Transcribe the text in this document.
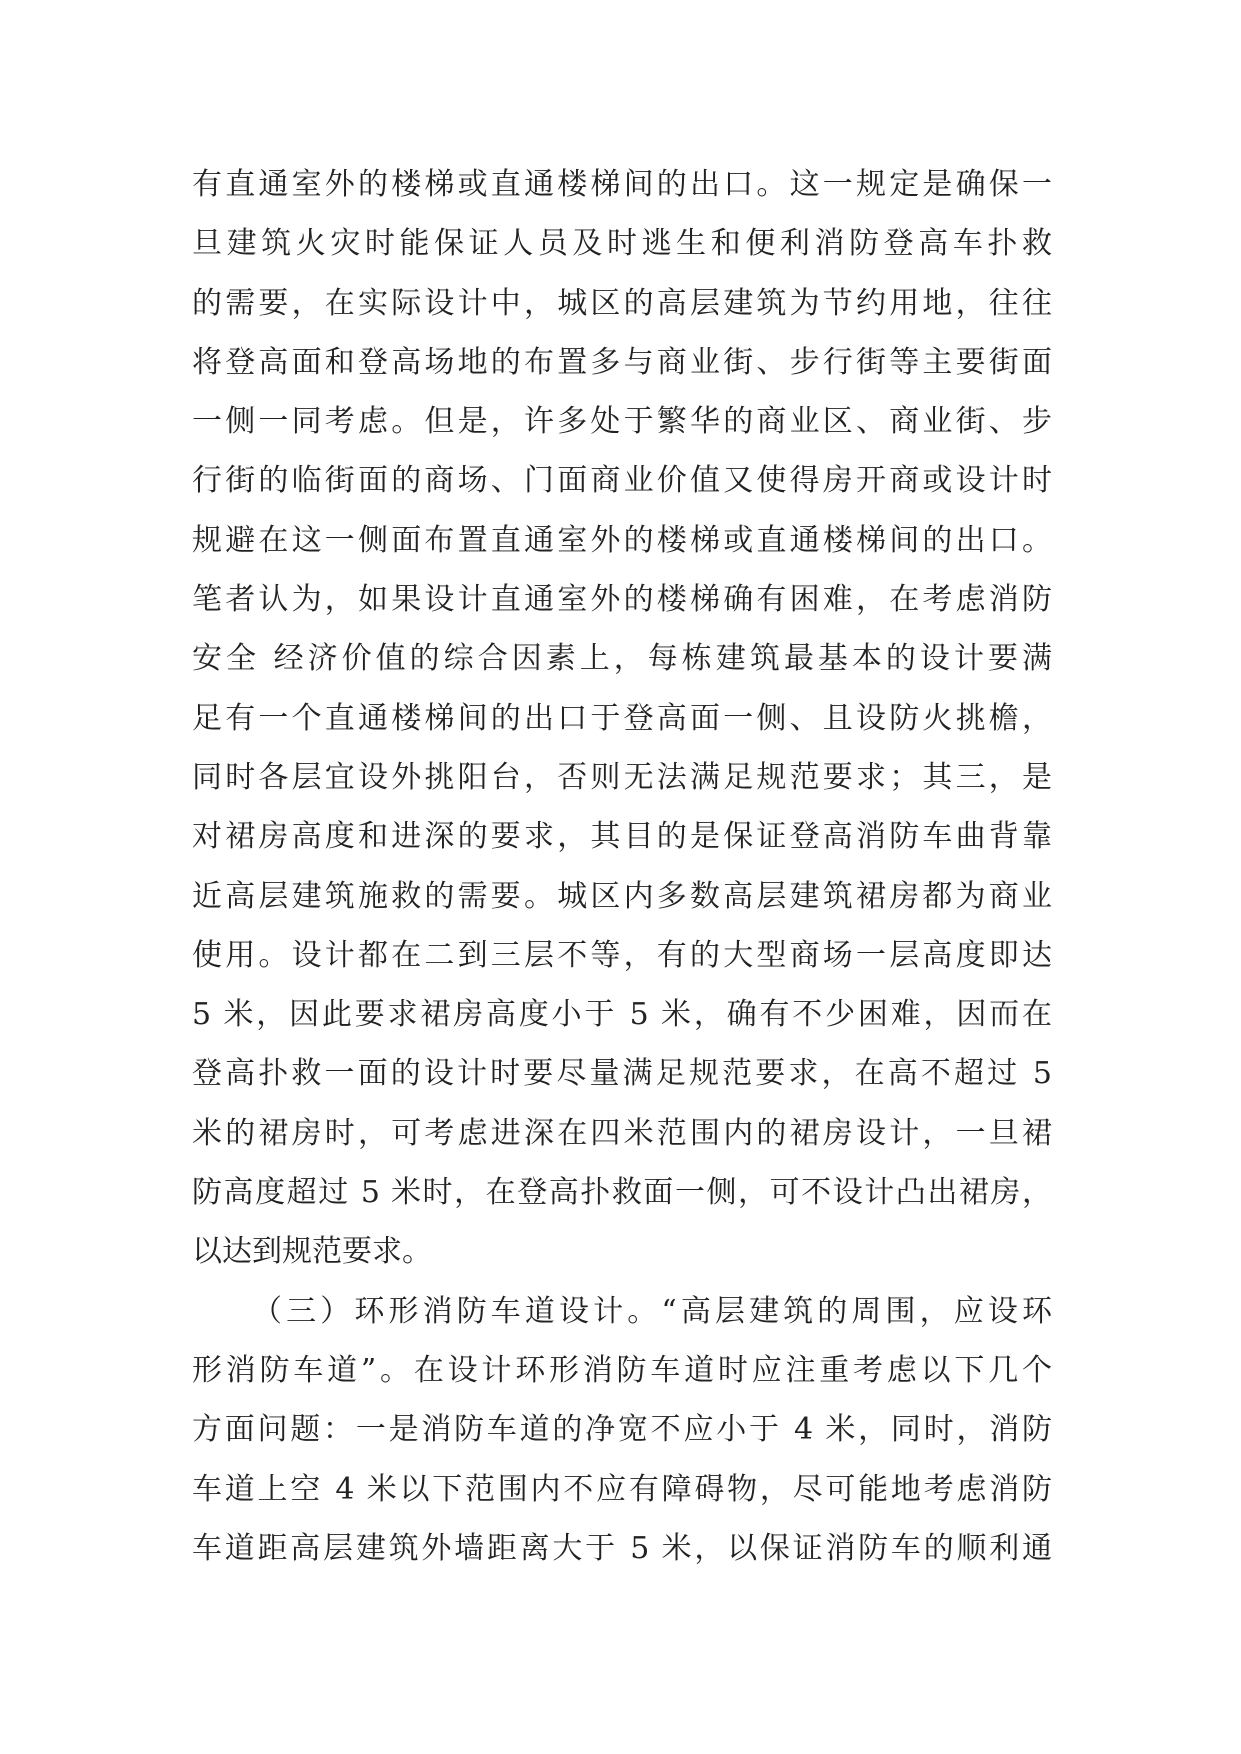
有直通室外的楼梯或直通楼梯间的出口。这一规定是确保一
旦建筑火灾时能保证人员及时逃生和便利消防登高车扑救
的需要，在实际设计中，城区的高层建筑为节约用地，往往
将登高面和登高场地的布置多与商业街、步行街等主要街面
一侧一同考虑。但是，许多处于繁华的商业区、商业街、步
行街的临街面的商场、门面商业价值又使得房开商或设计时
规避在这一侧面布置直通室外的楼梯或直通楼梯间的出口。
笔者认为，如果设计直通室外的楼梯确有困难，在考虑消防
安全 经济价值的综合因素上，每栋建筑最基本的设计要满
足有一个直通楼梯间的出口于登高面一侧、且设防火挑檐，
同时各层宜设外挑阳台，否则无法满足规范要求；其三，是
对裙房高度和进深的要求，其目的是保证登高消防车曲背靠
近高层建筑施救的需要。城区内多数高层建筑裙房都为商业
使用。设计都在二到三层不等，有的大型商场一层高度即达
5 米，因此要求裙房高度小于 5 米，确有不少困难，因而在
登高扑救一面的设计时要尽量满足规范要求，在高不超过 5
米的裙房时，可考虑进深在四米范围内的裙房设计，一旦裙
防高度超过 5 米时，在登高扑救面一侧，可不设计凸出裙房，
以达到规范要求。
（三）环形消防车道设计。“高层建筑的周围，应设环
形消防车道”。在设计环形消防车道时应注重考虑以下几个
方面问题：一是消防车道的净宽不应小于 4 米，同时，消防
车道上空 4 米以下范围内不应有障碍物，尽可能地考虑消防
车道距高层建筑外墙距离大于 5 米，以保证消防车的顺利通
